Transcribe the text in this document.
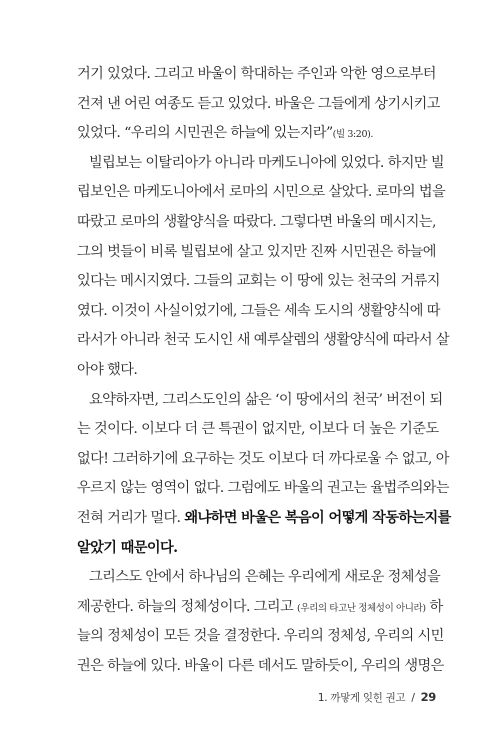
거기 있었다. 그리고 바울이 학대하는 주인과 악한 영으로부터
건져 낸 어린 여종도 듣고 있었다. 바울은 그들에게 상기시키고
있었다. “우리의 시민권은 하늘에 있는지라”(빌 3:20).
빌립보는 이탈리아가 아니라 마케도니아에 있었다. 하지만 빌
립보인은 마케도니아에서 로마의 시민으로 살았다. 로마의 법을
따랐고 로마의 생활양식을 따랐다. 그렇다면 바울의 메시지는,
그의 벗들이 비록 빌립보에 살고 있지만 진짜 시민권은 하늘에
있다는 메시지였다. 그들의 교회는 이 땅에 있는 천국의 거류지
였다. 이것이 사실이었기에, 그들은 세속 도시의 생활양식에 따
라서가 아니라 천국 도시인 새 예루살렘의 생활양식에 따라서 살
아야 했다.
요약하자면, 그리스도인의 삶은 ‘이 땅에서의 천국’ 버전이 되
는 것이다. 이보다 더 큰 특권이 없지만, 이보다 더 높은 기준도
없다! 그러하기에 요구하는 것도 이보다 더 까다로울 수 없고, 아
우르지 않는 영역이 없다. 그럼에도 바울의 권고는 율법주의와는
전혀 거리가 멀다. 왜냐하면 바울은 복음이 어떻게 작동하는지를
알았기 때문이다.
그리스도 안에서 하나님의 은혜는 우리에게 새로운 정체성을
제공한다. 하늘의 정체성이다. 그리고 (우리의 타고난 정체성이 아니라) 하
늘의 정체성이 모든 것을 결정한다. 우리의 정체성, 우리의 시민
권은 하늘에 있다. 바울이 다른 데서도 말하듯이, 우리의 생명은
1. 까맣게 잊힌 권고 / 29
